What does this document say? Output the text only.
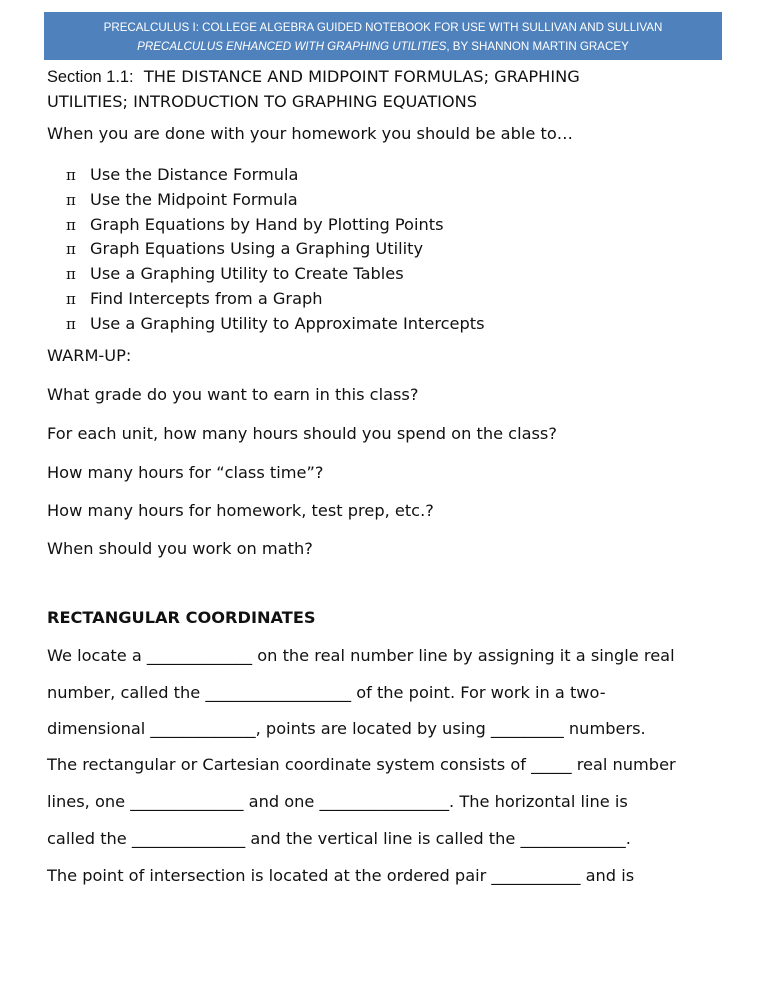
PRECALCULUS I: COLLEGE ALGEBRA GUIDED NOTEBOOK FOR USE WITH SULLIVAN AND SULLIVAN
PRECALCULUS ENHANCED WITH GRAPHING UTILITIES, BY SHANNON MARTIN GRACEY
Section 1.1:  THE DISTANCE AND MIDPOINT FORMULAS; GRAPHING
UTILITIES; INTRODUCTION TO GRAPHING EQUATIONS

When you are done with your homework you should be able to…

π Use the Distance Formula
π Use the Midpoint Formula
π Graph Equations by Hand by Plotting Points
π Graph Equations Using a Graphing Utility
π Use a Graphing Utility to Create Tables
π Find Intercepts from a Graph
π Use a Graphing Utility to Approximate Intercepts

WARM-UP:

What grade do you want to earn in this class?

For each unit, how many hours should you spend on the class?

How many hours for “class time”?

How many hours for homework, test prep, etc.?

When should you work on math?

RECTANGULAR COORDINATES

We locate a _____________ on the real number line by assigning it a single real

number, called the __________________ of the point. For work in a two-

dimensional _____________, points are located by using _________ numbers.

The rectangular or Cartesian coordinate system consists of _____ real number

lines, one ______________ and one ________________. The horizontal line is

called the ______________ and the vertical line is called the _____________.

The point of intersection is located at the ordered pair ___________ and is
